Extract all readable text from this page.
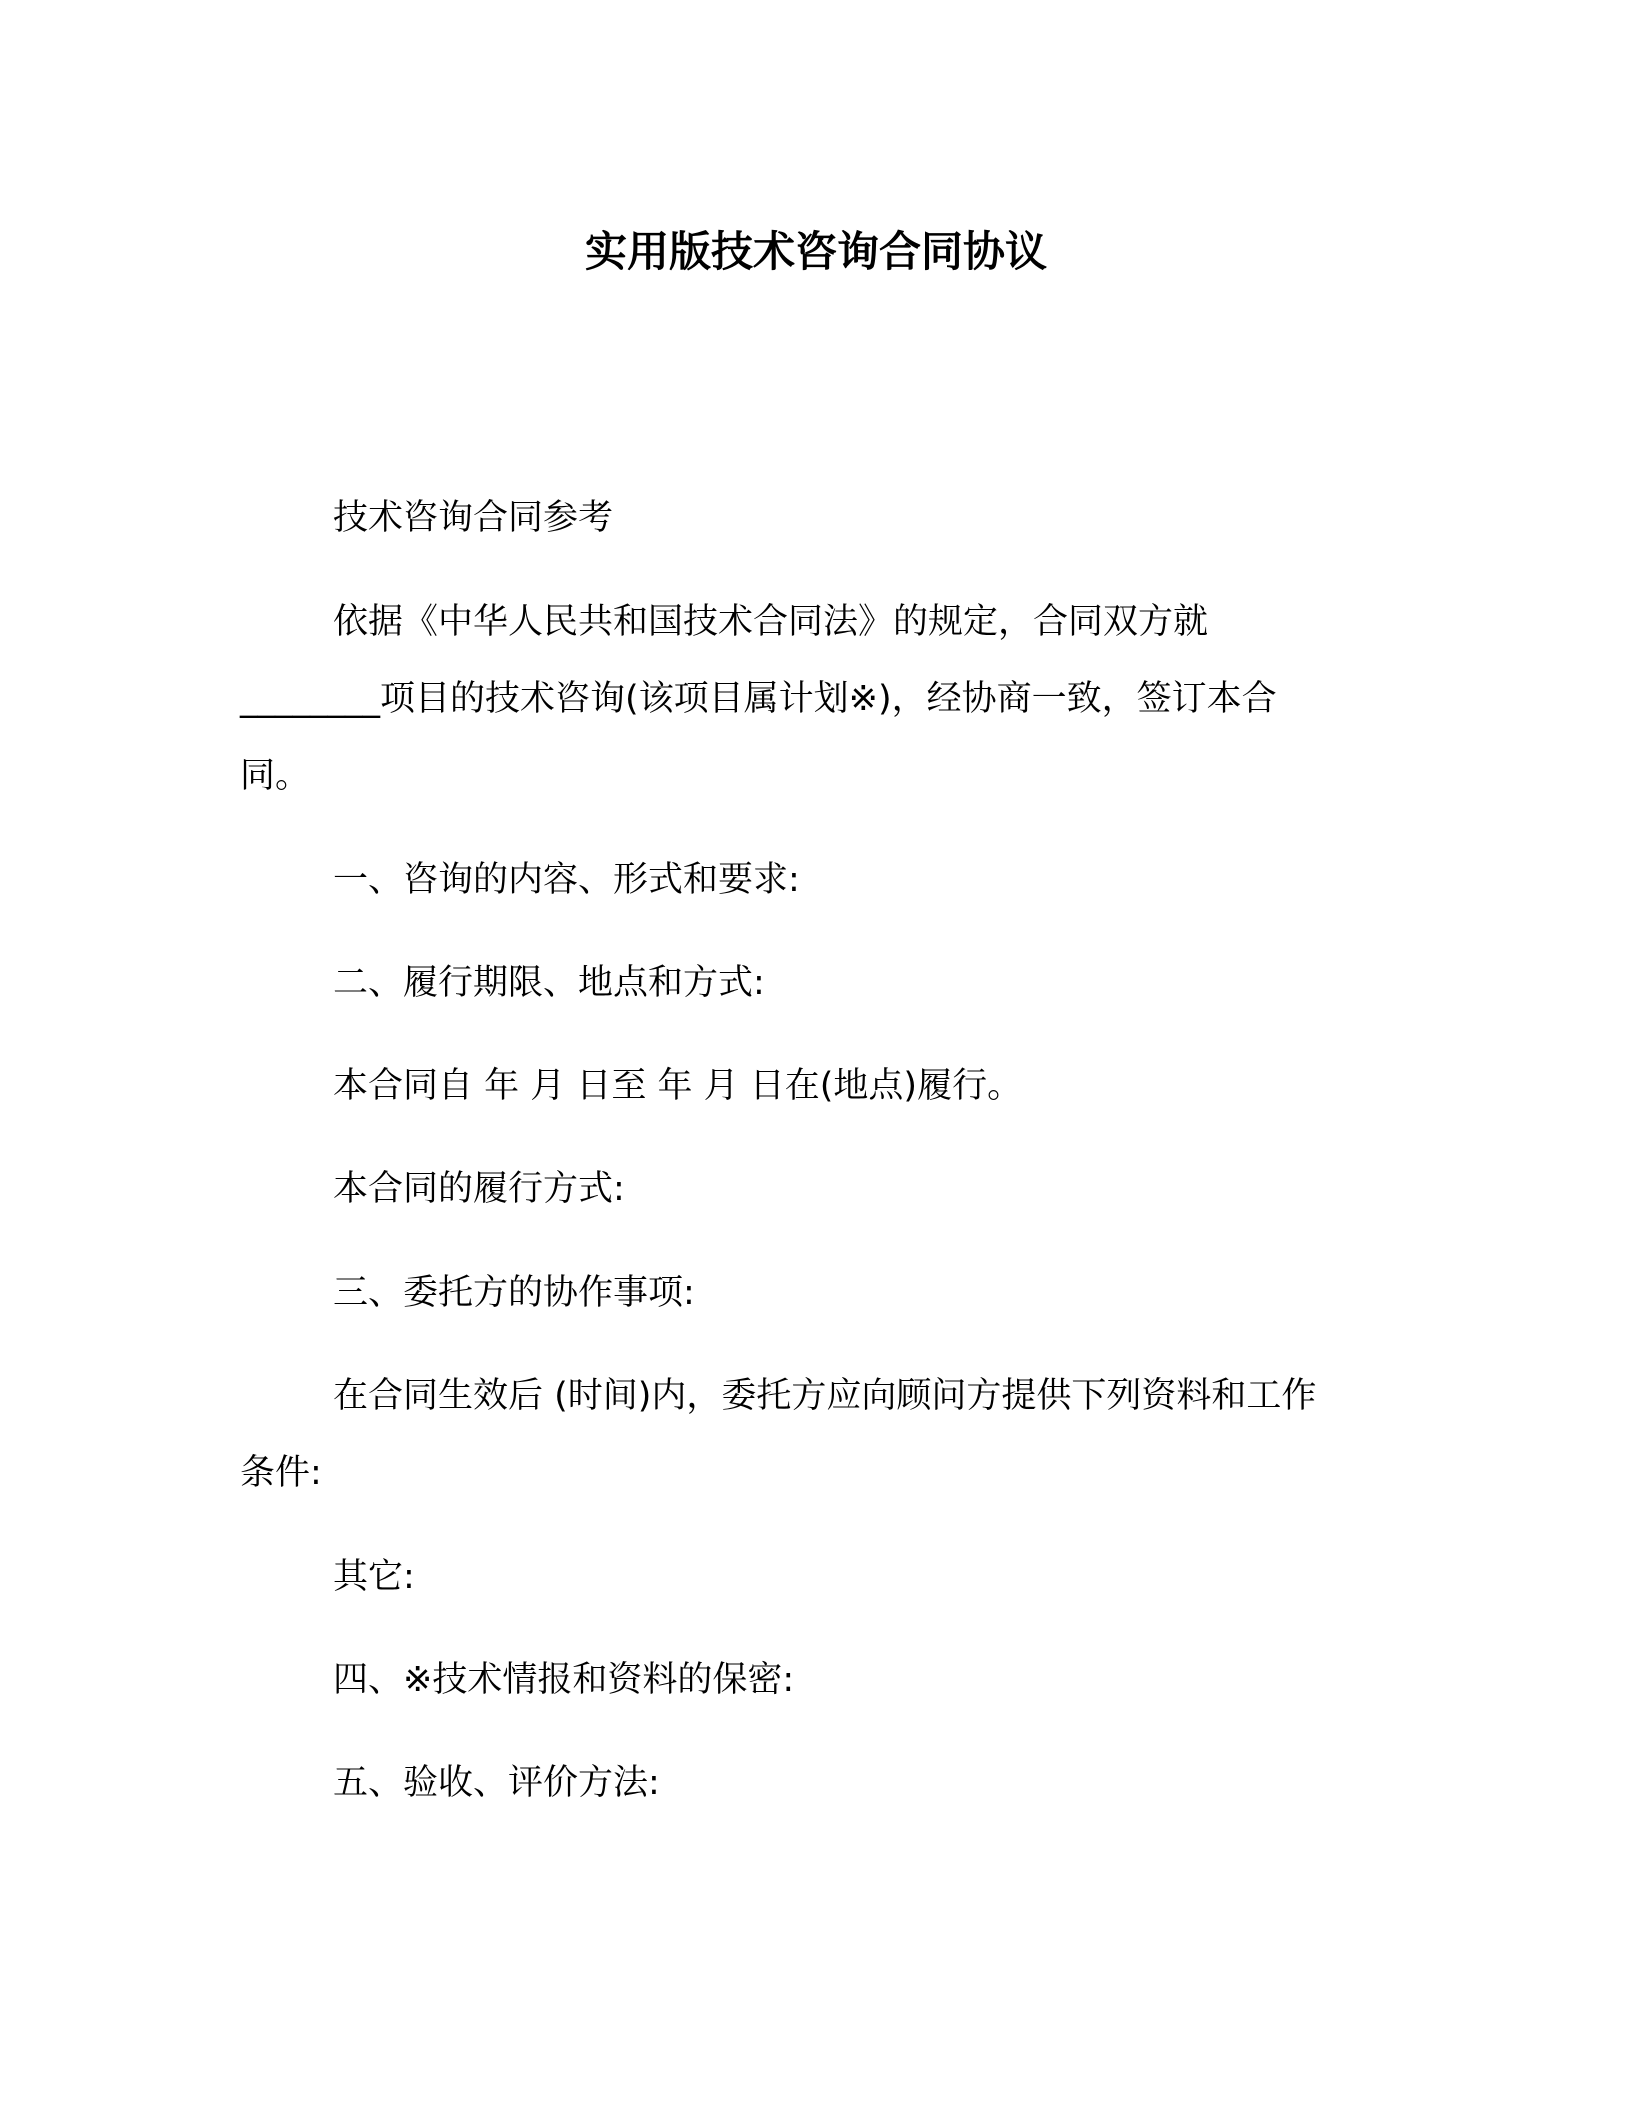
实用版技术咨询合同协议
技术咨询合同参考
依据《中华人民共和国技术合同法》的规定，合同双方就
________项目的技术咨询(该项目属计划※)，经协商一致，签订本合
同。
一、咨询的内容、形式和要求:
二、履行期限、地点和方式:
本合同自 年 月 日至 年 月 日在(地点)履行。
本合同的履行方式:
三、委托方的协作事项:
在合同生效后 (时间)内，委托方应向顾问方提供下列资料和工作
条件:
其它:
四、※技术情报和资料的保密:
五、验收、评价方法:
